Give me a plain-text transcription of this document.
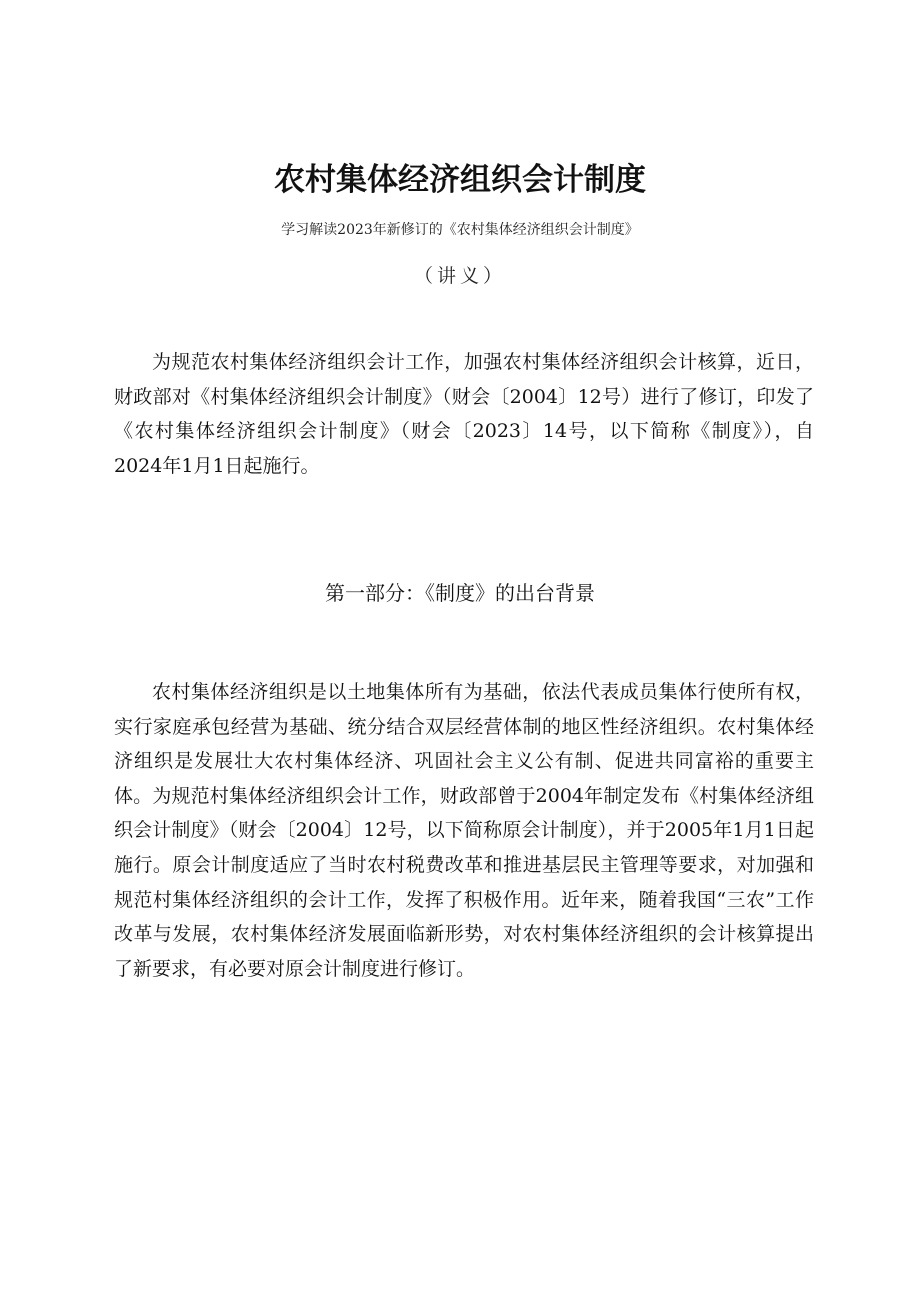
农村集体经济组织会计制度
学习解读2023年新修订的《农村集体经济组织会计制度》
（讲义）

为规范农村集体经济组织会计工作，加强农村集体经济组织会计核算，近日，财政部对《村集体经济组织会计制度》（财会〔2004〕12号）进行了修订，印发了《农村集体经济组织会计制度》（财会〔2023〕14号，以下简称《制度》），自2024年1月1日起施行。

第一部分：《制度》的出台背景

农村集体经济组织是以土地集体所有为基础，依法代表成员集体行使所有权，实行家庭承包经营为基础、统分结合双层经营体制的地区性经济组织。农村集体经济组织是发展壮大农村集体经济、巩固社会主义公有制、促进共同富裕的重要主体。为规范村集体经济组织会计工作，财政部曾于2004年制定发布《村集体经济组织会计制度》（财会〔2004〕12号，以下简称原会计制度），并于2005年1月1日起施行。原会计制度适应了当时农村税费改革和推进基层民主管理等要求，对加强和规范村集体经济组织的会计工作，发挥了积极作用。近年来，随着我国“三农”工作改革与发展，农村集体经济发展面临新形势，对农村集体经济组织的会计核算提出了新要求，有必要对原会计制度进行修订。
